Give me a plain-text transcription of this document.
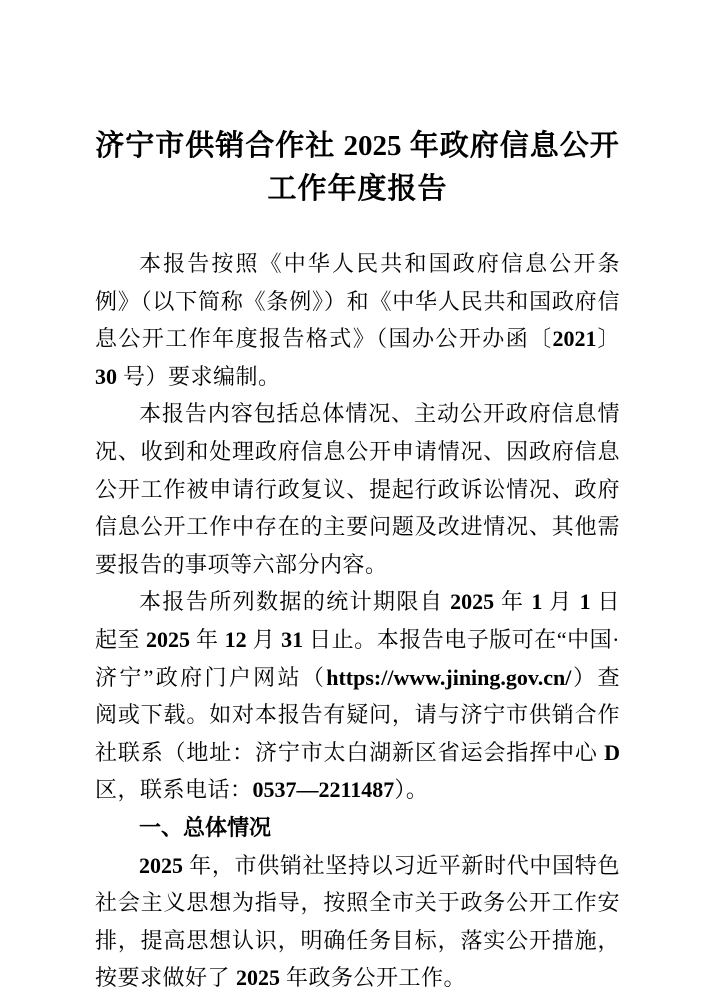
济宁市供销合作社 2025 年政府信息公开
工作年度报告

本报告按照《中华人民共和国政府信息公开条例》（以下简称《条例》）和《中华人民共和国政府信息公开工作年度报告格式》（国办公开办函〔2021〕30 号）要求编制。

本报告内容包括总体情况、主动公开政府信息情况、收到和处理政府信息公开申请情况、因政府信息公开工作被申请行政复议、提起行政诉讼情况、政府信息公开工作中存在的主要问题及改进情况、其他需要报告的事项等六部分内容。

本报告所列数据的统计期限自 2025 年 1 月 1 日起至 2025 年 12 月 31 日止。本报告电子版可在“中国·济宁”政府门户网站（https://www.jining.gov.cn/）查阅或下载。如对本报告有疑问，请与济宁市供销合作社联系（地址：济宁市太白湖新区省运会指挥中心 D 区，联系电话：0537—2211487）。

一、总体情况

2025 年，市供销社坚持以习近平新时代中国特色社会主义思想为指导，按照全市关于政务公开工作安排，提高思想认识，明确任务目标，落实公开措施，按要求做好了 2025 年政务公开工作。
